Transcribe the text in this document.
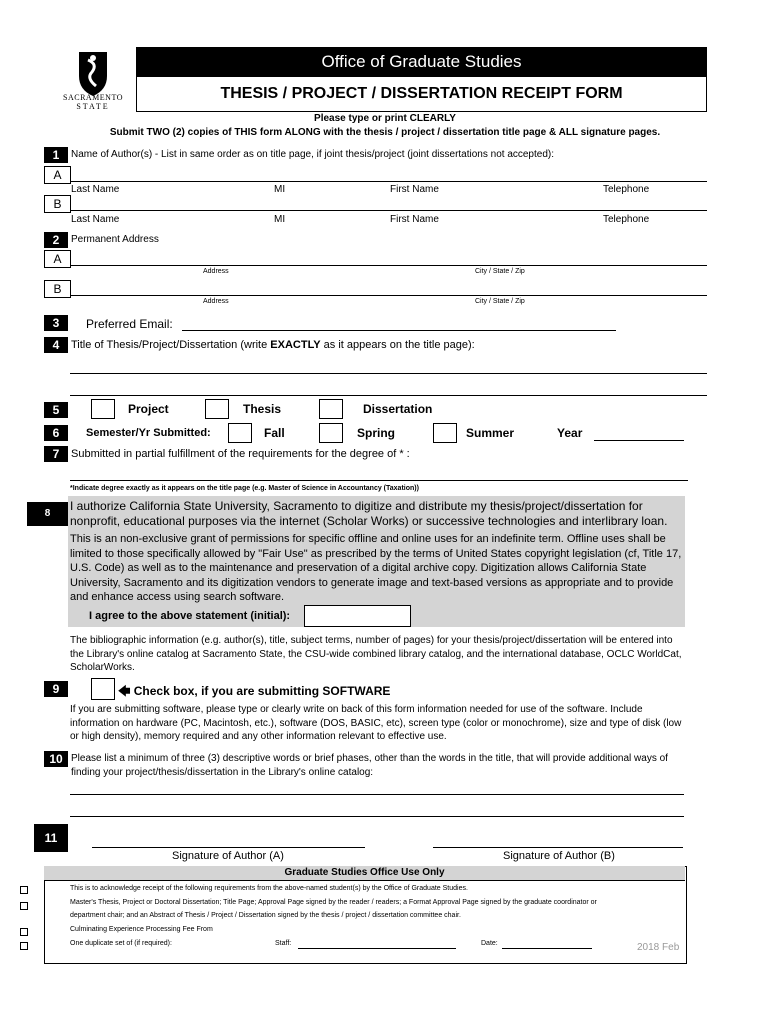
SACRAMENTO
STATE
Office of Graduate Studies
THESIS / PROJECT / DISSERTATION RECEIPT FORM
Please type or print CLEARLY
Submit TWO (2) copies of THIS form ALONG with the thesis / project / dissertation title page & ALL signature pages.
1	Name of Author(s) - List in same order as on title page, if joint thesis/project (joint dissertations not accepted):
A
Last Name	MI	First Name	Telephone
B
Last Name	MI	First Name	Telephone
2	Permanent Address
A
Address	City / State / Zip
B
Address	City / State / Zip
3	Preferred Email:
4	Title of Thesis/Project/Dissertation (write EXACTLY as it appears on the title page):
5	Project	Thesis	Dissertation
6	Semester/Yr Submitted:	Fall	Spring	Summer	Year
7	Submitted in partial fulfillment of the requirements for the degree of * :
*Indicate degree exactly as it appears on the title page (e.g. Master of Science in Accountancy (Taxation))
8
I authorize California State University, Sacramento to digitize and distribute my thesis/project/dissertation for nonprofit, educational purposes via the internet (Scholar Works) or successive technologies and interlibrary loan.
This is an non-exclusive grant of permissions for specific offline and online uses for an indefinite term. Offline uses shall be limited to those specifically allowed by "Fair Use" as prescribed by the terms of United States copyright legislation (cf, Title 17, U.S. Code) as well as to the maintenance and preservation of a digital archive copy. Digitization allows California State University, Sacramento and its digitization vendors to generate image and text-based versions as appropriate and to provide and enhance access using search software.
I agree to the above statement (initial):
The bibliographic information (e.g. author(s), title, subject terms, number of pages) for your thesis/project/dissertation will be entered into the Library's online catalog at Sacramento State, the CSU-wide combined library catalog, and the international database, OCLC WorldCat, ScholarWorks.
9	🡄 Check box, if you are submitting SOFTWARE
If you are submitting software, please type or clearly write on back of this form information needed for use of the software. Include information on hardware (PC, Macintosh, etc.), software (DOS, BASIC, etc), screen type (color or monochrome), size and type of disk (low or high density), memory required and any other information relevant to effective use.
10 Please list a minimum of three (3) descriptive words or brief phases, other than the words in the title, that will provide additional ways of finding your project/thesis/dissertation in the Library's online catalog:
11
Signature of Author (A)	Signature of Author (B)
Graduate Studies Office Use Only
This is to acknowledge receipt of the following requirements from the above-named student(s) by the Office of Graduate Studies.
Master's Thesis, Project or Doctoral Dissertation; Title Page; Approval Page signed by the reader / readers; a Format Approval Page signed by the graduate coordinator or
department chair; and an Abstract of Thesis / Project / Dissertation signed by the thesis / project / dissertation committee chair.
Culminating Experience Processing Fee From
One duplicate set of (if required):	Staff:	Date:	2018 Feb
